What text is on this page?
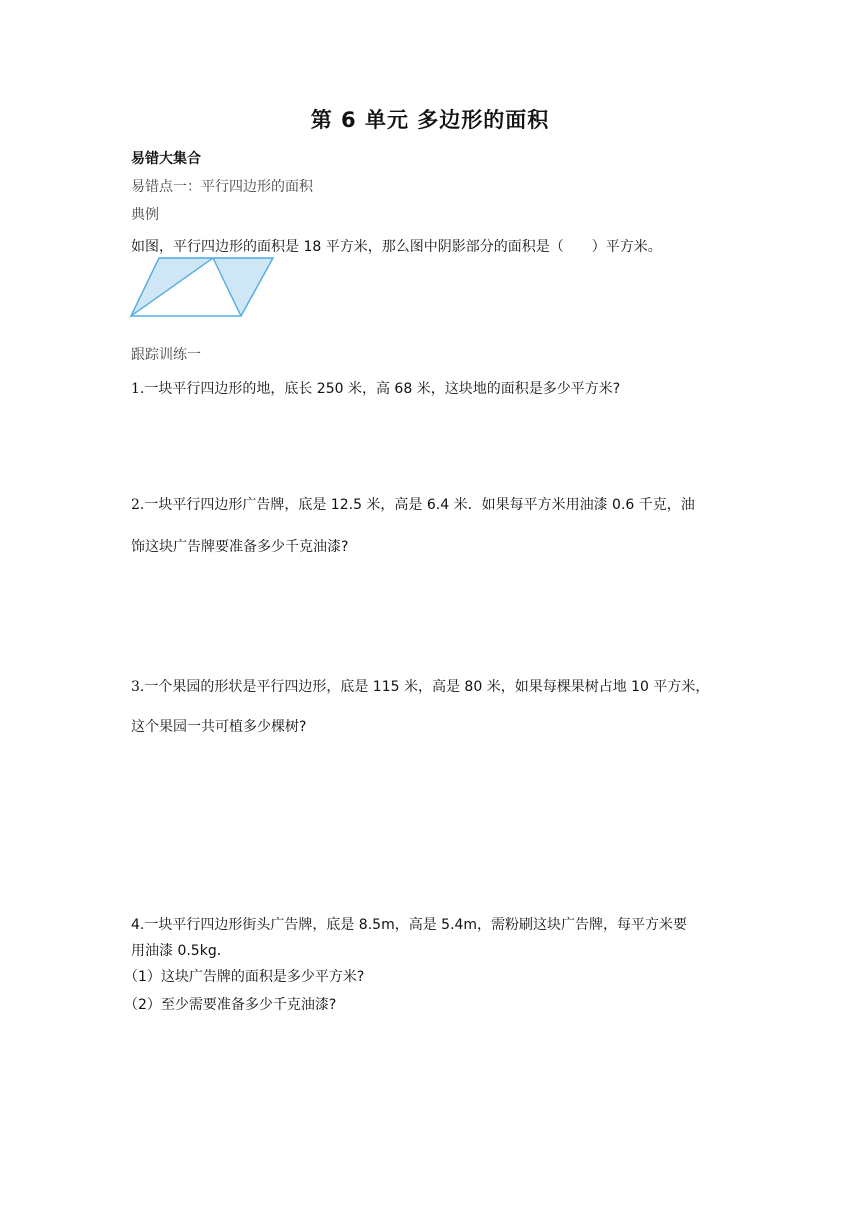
第 6 单元 多边形的面积
易错大集合
易错点一：平行四边形的面积
典例
如图，平行四边形的面积是 18 平方米，那么图中阴影部分的面积是（　　）平方米。
跟踪训练一
1.一块平行四边形的地，底长 250 米，高 68 米，这块地的面积是多少平方米?
2.一块平行四边形广告牌，底是 12.5 米，高是 6.4 米．如果每平方米用油漆 0.6 千克，油
饰这块广告牌要准备多少千克油漆?
3.一个果园的形状是平行四边形，底是 115 米，高是 80 米，如果每棵果树占地 10 平方米，
这个果园一共可植多少棵树?
4.一块平行四边形街头广告牌，底是 8.5m，高是 5.4m，需粉刷这块广告牌，每平方米要
用油漆 0.5kg．
（1）这块广告牌的面积是多少平方米?
（2）至少需要准备多少千克油漆?
